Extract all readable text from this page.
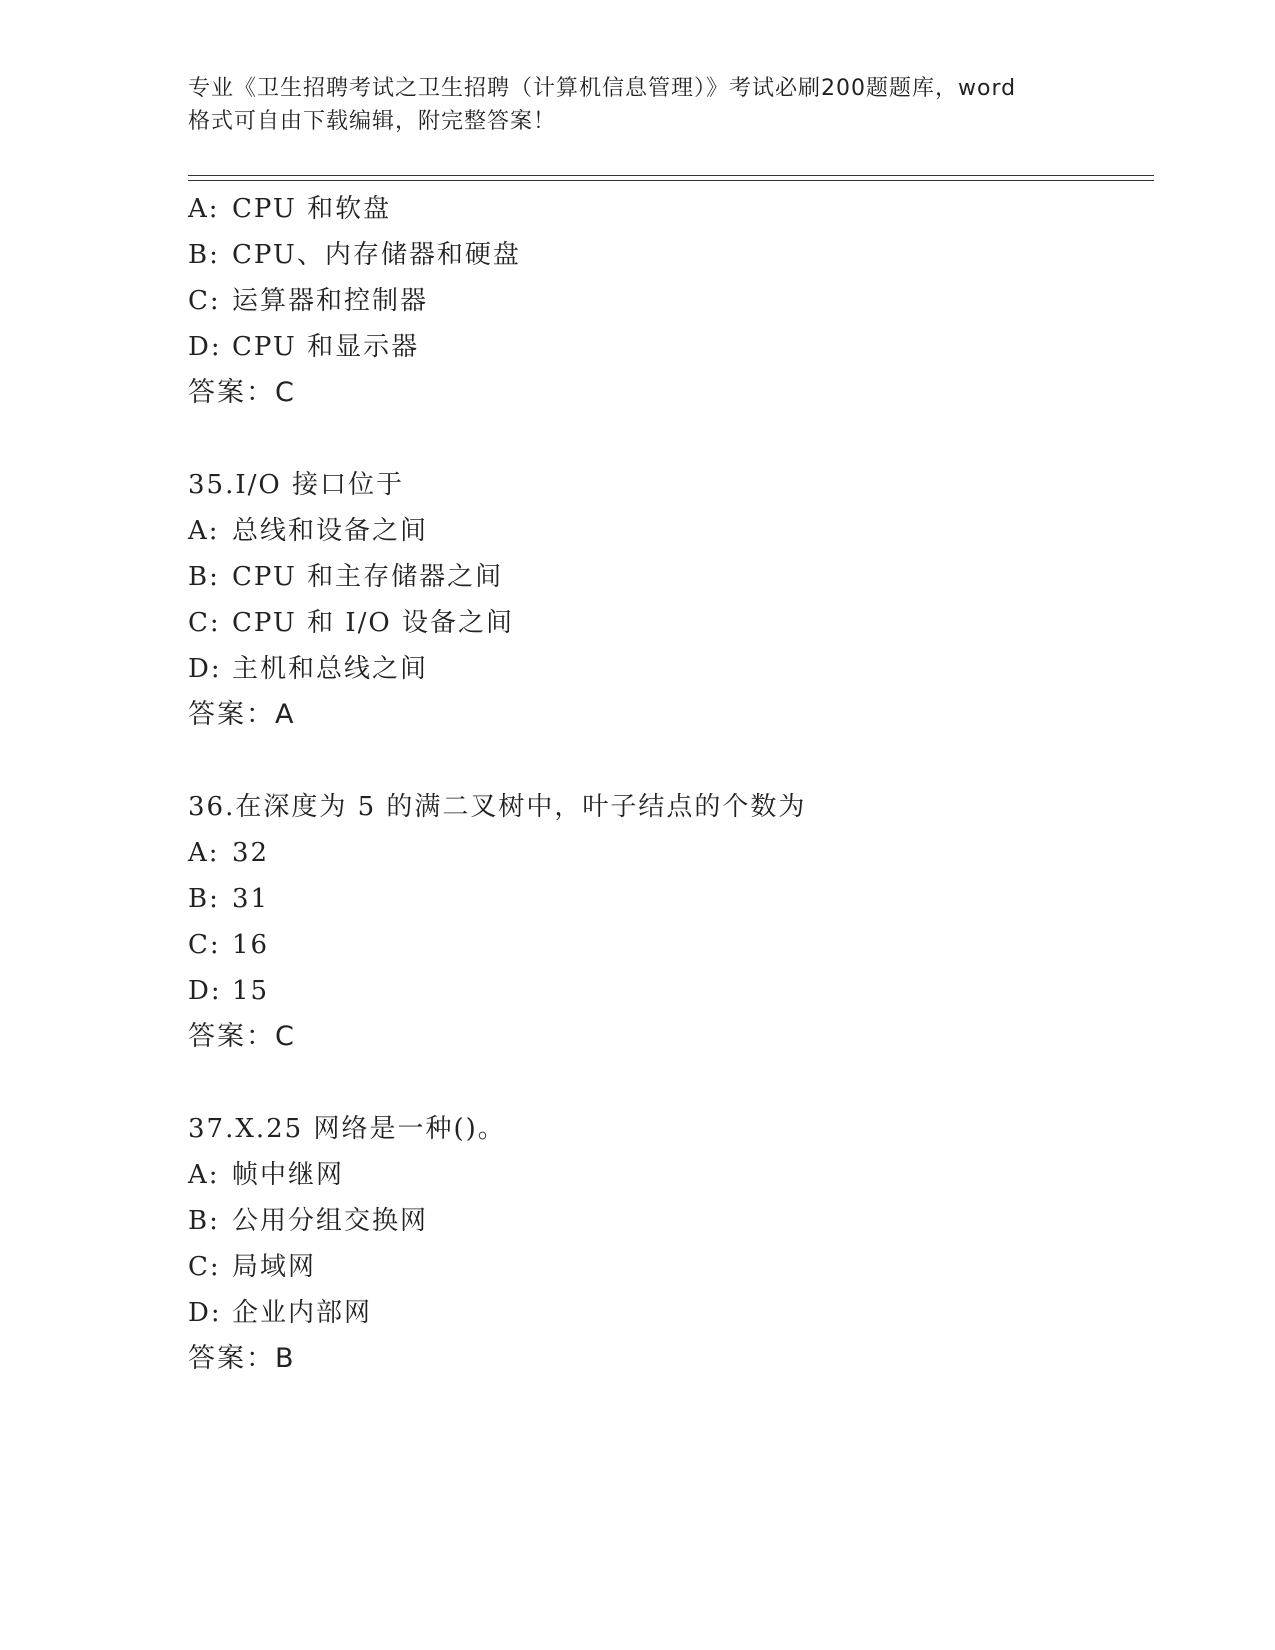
专业《卫生招聘考试之卫生招聘（计算机信息管理）》考试必刷200题题库，word
格式可自由下载编辑，附完整答案！
A: CPU 和软盘
B: CPU、内存储器和硬盘
C: 运算器和控制器
D: CPU 和显示器
答案：C
35.I/O 接口位于
A: 总线和设备之间
B: CPU 和主存储器之间
C: CPU 和 I/O 设备之间
D: 主机和总线之间
答案：A
36.在深度为 5 的满二叉树中，叶子结点的个数为
A: 32
B: 31
C: 16
D: 15
答案：C
37.X.25 网络是一种()。
A: 帧中继网
B: 公用分组交换网
C: 局域网
D: 企业内部网
答案：B
